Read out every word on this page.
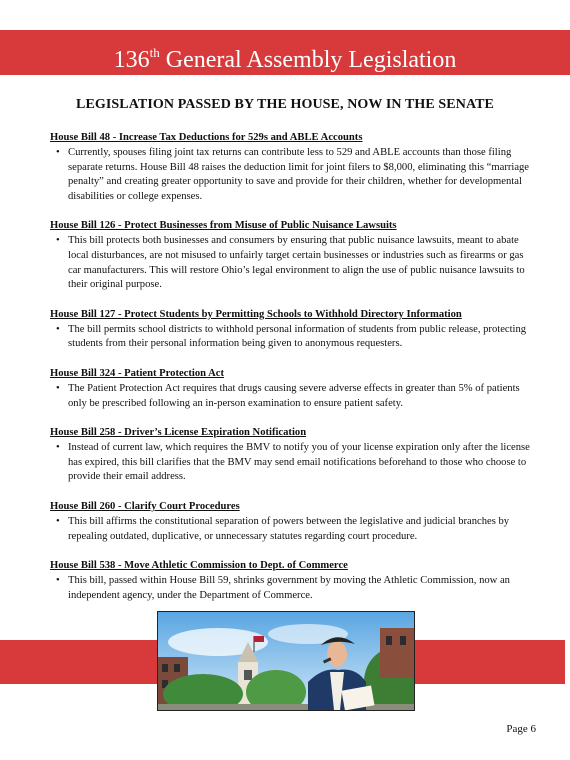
136th General Assembly Legislation
LEGISLATION PASSED BY THE HOUSE, NOW IN THE SENATE
House Bill 48 - Increase Tax Deductions for 529s and ABLE Accounts
• Currently, spouses filing joint tax returns can contribute less to 529 and ABLE accounts than those filing separate returns. House Bill 48 raises the deduction limit for joint filers to $8,000, eliminating this “marriage penalty” and creating greater opportunity to save and provide for their children, whether for developmental disabilities or college expenses.
House Bill 126 - Protect Businesses from Misuse of Public Nuisance Lawsuits
• This bill protects both businesses and consumers by ensuring that public nuisance lawsuits, meant to abate local disturbances, are not misused to unfairly target certain businesses or industries such as firearms or gas car manufacturers. This will restore Ohio’s legal environment to align the use of public nuisance lawsuits to their original purpose.
House Bill 127 - Protect Students by Permitting Schools to Withhold Directory Information
• The bill permits school districts to withhold personal information of students from public release, protecting students from their personal information being given to anonymous requesters.
House Bill 324 - Patient Protection Act
• The Patient Protection Act requires that drugs causing severe adverse effects in greater than 5% of patients only be prescribed following an in-person examination to ensure patient safety.
House Bill 258 - Driver’s License Expiration Notification
• Instead of current law, which requires the BMV to notify you of your license expiration only after the license has expired, this bill clarifies that the BMV may send email notifications beforehand to those who choose to provide their email address.
House Bill 260 - Clarify Court Procedures
• This bill affirms the constitutional separation of powers between the legislative and judicial branches by repealing outdated, duplicative, or unnecessary statutes regarding court procedure.
House Bill 538 - Move Athletic Commission to Dept. of Commerce
• This bill, passed within House Bill 59, shrinks government by moving the Athletic Commission, now an independent agency, under the Department of Commerce.
Page 6
